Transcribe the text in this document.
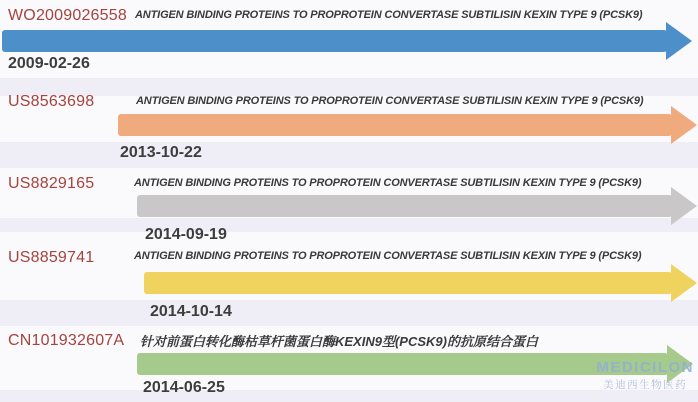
WO2009026558 ANTIGEN BINDING PROTEINS TO PROPROTEIN CONVERTASE SUBTILISIN KEXIN TYPE 9 (PCSK9)
2009-02-26
US8563698	ANTIGEN BINDING PROTEINS TO PROPROTEIN CONVERTASE SUBTILISIN KEXIN TYPE 9 (PCSK9)
2013-10-22
US8829165	ANTIGEN BINDING PROTEINS TO PROPROTEIN CONVERTASE SUBTILISIN KEXIN TYPE 9 (PCSK9)
2014-09-19
US8859741	ANTIGEN BINDING PROTEINS TO PROPROTEIN CONVERTASE SUBTILISIN KEXIN TYPE 9 (PCSK9)
2014-10-14
CN101932607A 针对前蛋白转化酶枯草杆菌蛋白酶KEXIN9型(PCSK9)的抗原结合蛋白
2014-06-25
MEDICILON
美迪西生物医药
